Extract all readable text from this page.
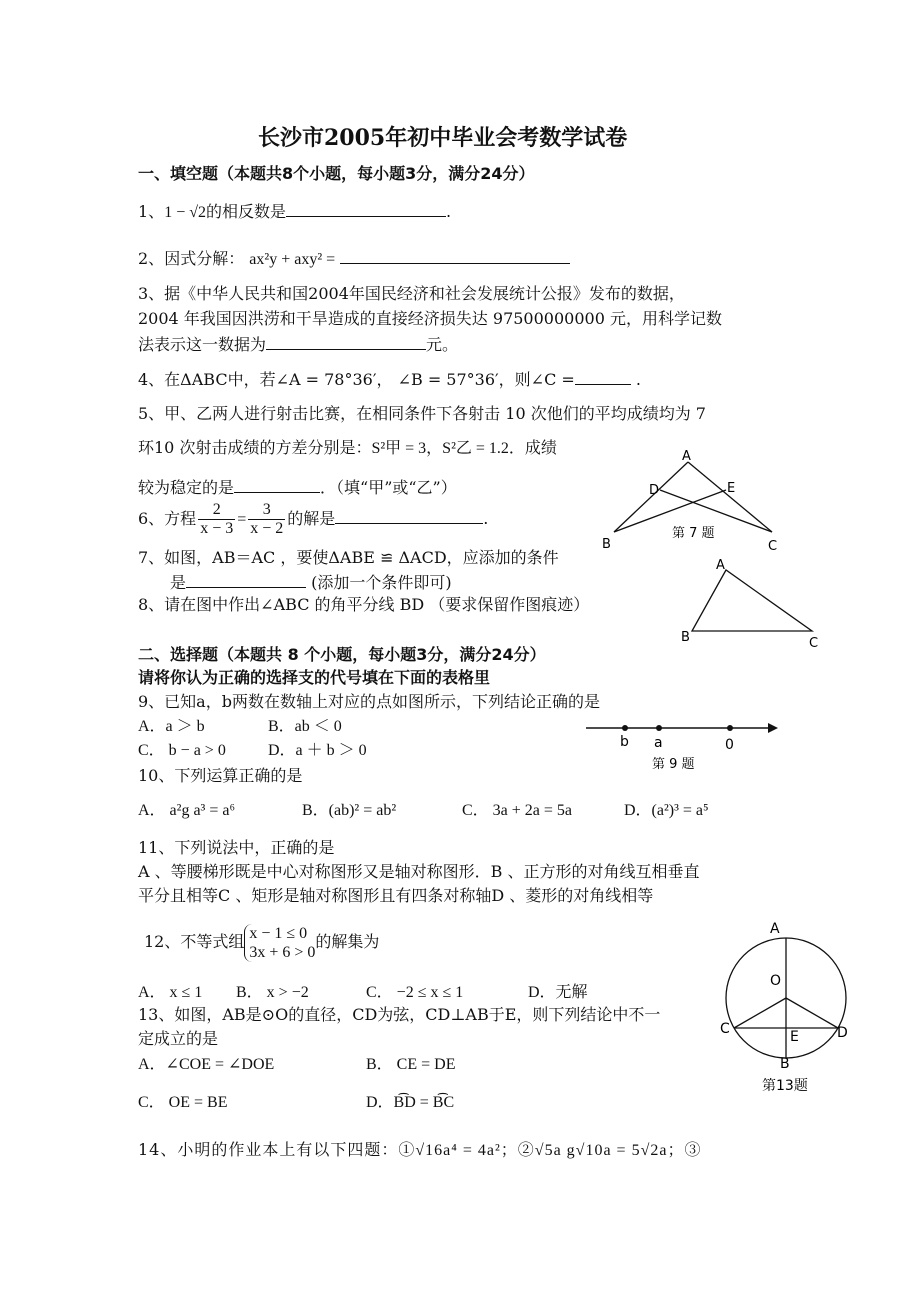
长沙市2005年初中毕业会考数学试卷
一、填空题（本题共8个小题，每小题3分，满分24分）
1、1 − √2的相反数是	.
2、因式分解： ax²y + axy² =
3、据《中华人民共和国2004年国民经济和社会发展统计公报》发布的数据，
2004 年我国因洪涝和干旱造成的直接经济损失达 97500000000 元，用科学记数
法表示这一数据为	元。
4、在ΔABC中，若∠A = 78°36′， ∠B = 57°36′，则∠C =	.
5、甲、乙两人进行射击比赛，在相同条件下各射击 10 次他们的平均成绩均为 7
环10 次射击成绩的方差分别是：S²甲 = 3，S²乙 = 1.2．成绩
较为稳定的是	．（填“甲”或“乙”）
6、方程 $\frac{2}{x - 3} = \frac{3}{x - 2}$ 的解是	.
7、如图，AB＝AC ，要使ΔABE ≌ ΔACD，应添加的条件
是	(添加一个条件即可)
8、请在图中作出∠ABC 的角平分线 BD （要求保留作图痕迹）
A
D	E
第 7 题
B	C
A
B	C
二、选择题（本题共 8 个小题，每小题3分，满分24分）
请将你认为正确的选择支的代号填在下面的表格里
9、已知a，b两数在数轴上对应的点如图所示，下列结论正确的是
A．a ＞ b	B．ab ＜ 0
C． b − a > 0	D．a ＋ b ＞ 0	b a	0
第 9 题
10、下列运算正确的是
A． a²g a³ = a⁶	B．(ab)² = ab²	C． 3a + 2a = 5a	D．(a²)³ = a⁵
11、下列说法中，正确的是
A 、等腰梯形既是中心对称图形又是轴对称图形．B 、正方形的对角线互相垂直
平分且相等C 、矩形是轴对称图形且有四条对称轴D 、菱形的对角线相等
12、不等式组 x − 1 ≤ 0
3x + 6 > 0
的解集为
A． x ≤ 1 B． x > −2	C． −2 ≤ x ≤ 1	D．无解
13、如图，AB是⊙O的直径，CD为弦，CD⊥AB于E，则下列结论中不一
定成立的是
A．∠COE = ∠DOE	B． CE = DE
C． OE = BE	D．B͡D = B͡C
A
O
C	D
E
B
第13题
14、小明的作业本上有以下四题：①√16a⁴ = 4a²；②√5a g√10a = 5√2a；③
